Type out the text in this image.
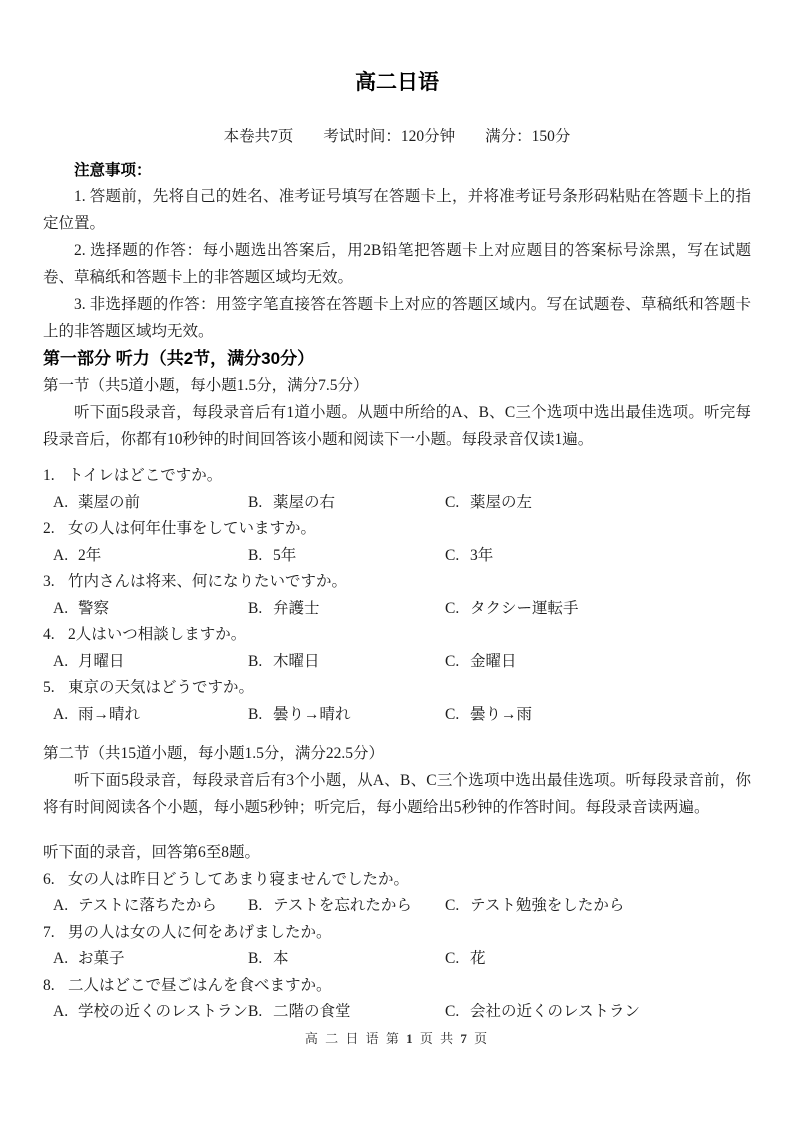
高二日语
本卷共7页 考试时间：120分钟 满分：150分
注意事项：

1. 答题前，先将自己的姓名、准考证号填写在答题卡上，并将准考证号条形码粘贴在答题卡上的指定位置。

2. 选择题的作答：每小题选出答案后，用2B铅笔把答题卡上对应题目的答案标号涂黑，写在试题卷、草稿纸和答题卡上的非答题区域均无效。

3. 非选择题的作答：用签字笔直接答在答题卡上对应的答题区域内。写在试题卷、草稿纸和答题卡上的非答题区域均无效。

第一部分 听力（共2节，满分30分）
第一节（共5道小题，每小题1.5分，满分7.5分）

听下面5段录音，每段录音后有1道小题。从题中所给的A、B、C三个选项中选出最佳选项。听完每段录音后，你都有10秒钟的时间回答该小题和阅读下一小题。每段录音仅读1遍。

1. トイレはどこですか。
A. 薬屋の前	B. 薬屋の右	C. 薬屋の左
2. 女の人は何年仕事をしていますか。
A. 2年	B. 5年	C. 3年
3. 竹内さんは将来、何になりたいですか。
A. 警察	B. 弁護士	C. タクシー運転手
4. 2人はいつ相談しますか。
A. 月曜日	B. 木曜日	C. 金曜日
5. 東京の天気はどうですか。
A. 雨→晴れ	B. 曇り→晴れ	C. 曇り→雨
第二节（共15道小题，每小题1.5分，满分22.5分）

听下面5段录音，每段录音后有3个小题，从A、B、C三个选项中选出最佳选项。听每段录音前，你将有时间阅读各个小题，每小题5秒钟；听完后，每小题给出5秒钟的作答时间。每段录音读两遍。

听下面的录音，回答第6至8题。
6. 女の人は昨日どうしてあまり寝ませんでしたか。
A. テストに落ちたから	B. テストを忘れたから	C. テスト勉強をしたから
7. 男の人は女の人に何をあげましたか。
A. お菓子	B. 本	C. 花
8. 二人はどこで昼ごはんを食べますか。
A. 学校の近くのレストラン B. 二階の食堂	C. 会社の近くのレストラン
高 二 日 语 第 1 页 共 7 页
